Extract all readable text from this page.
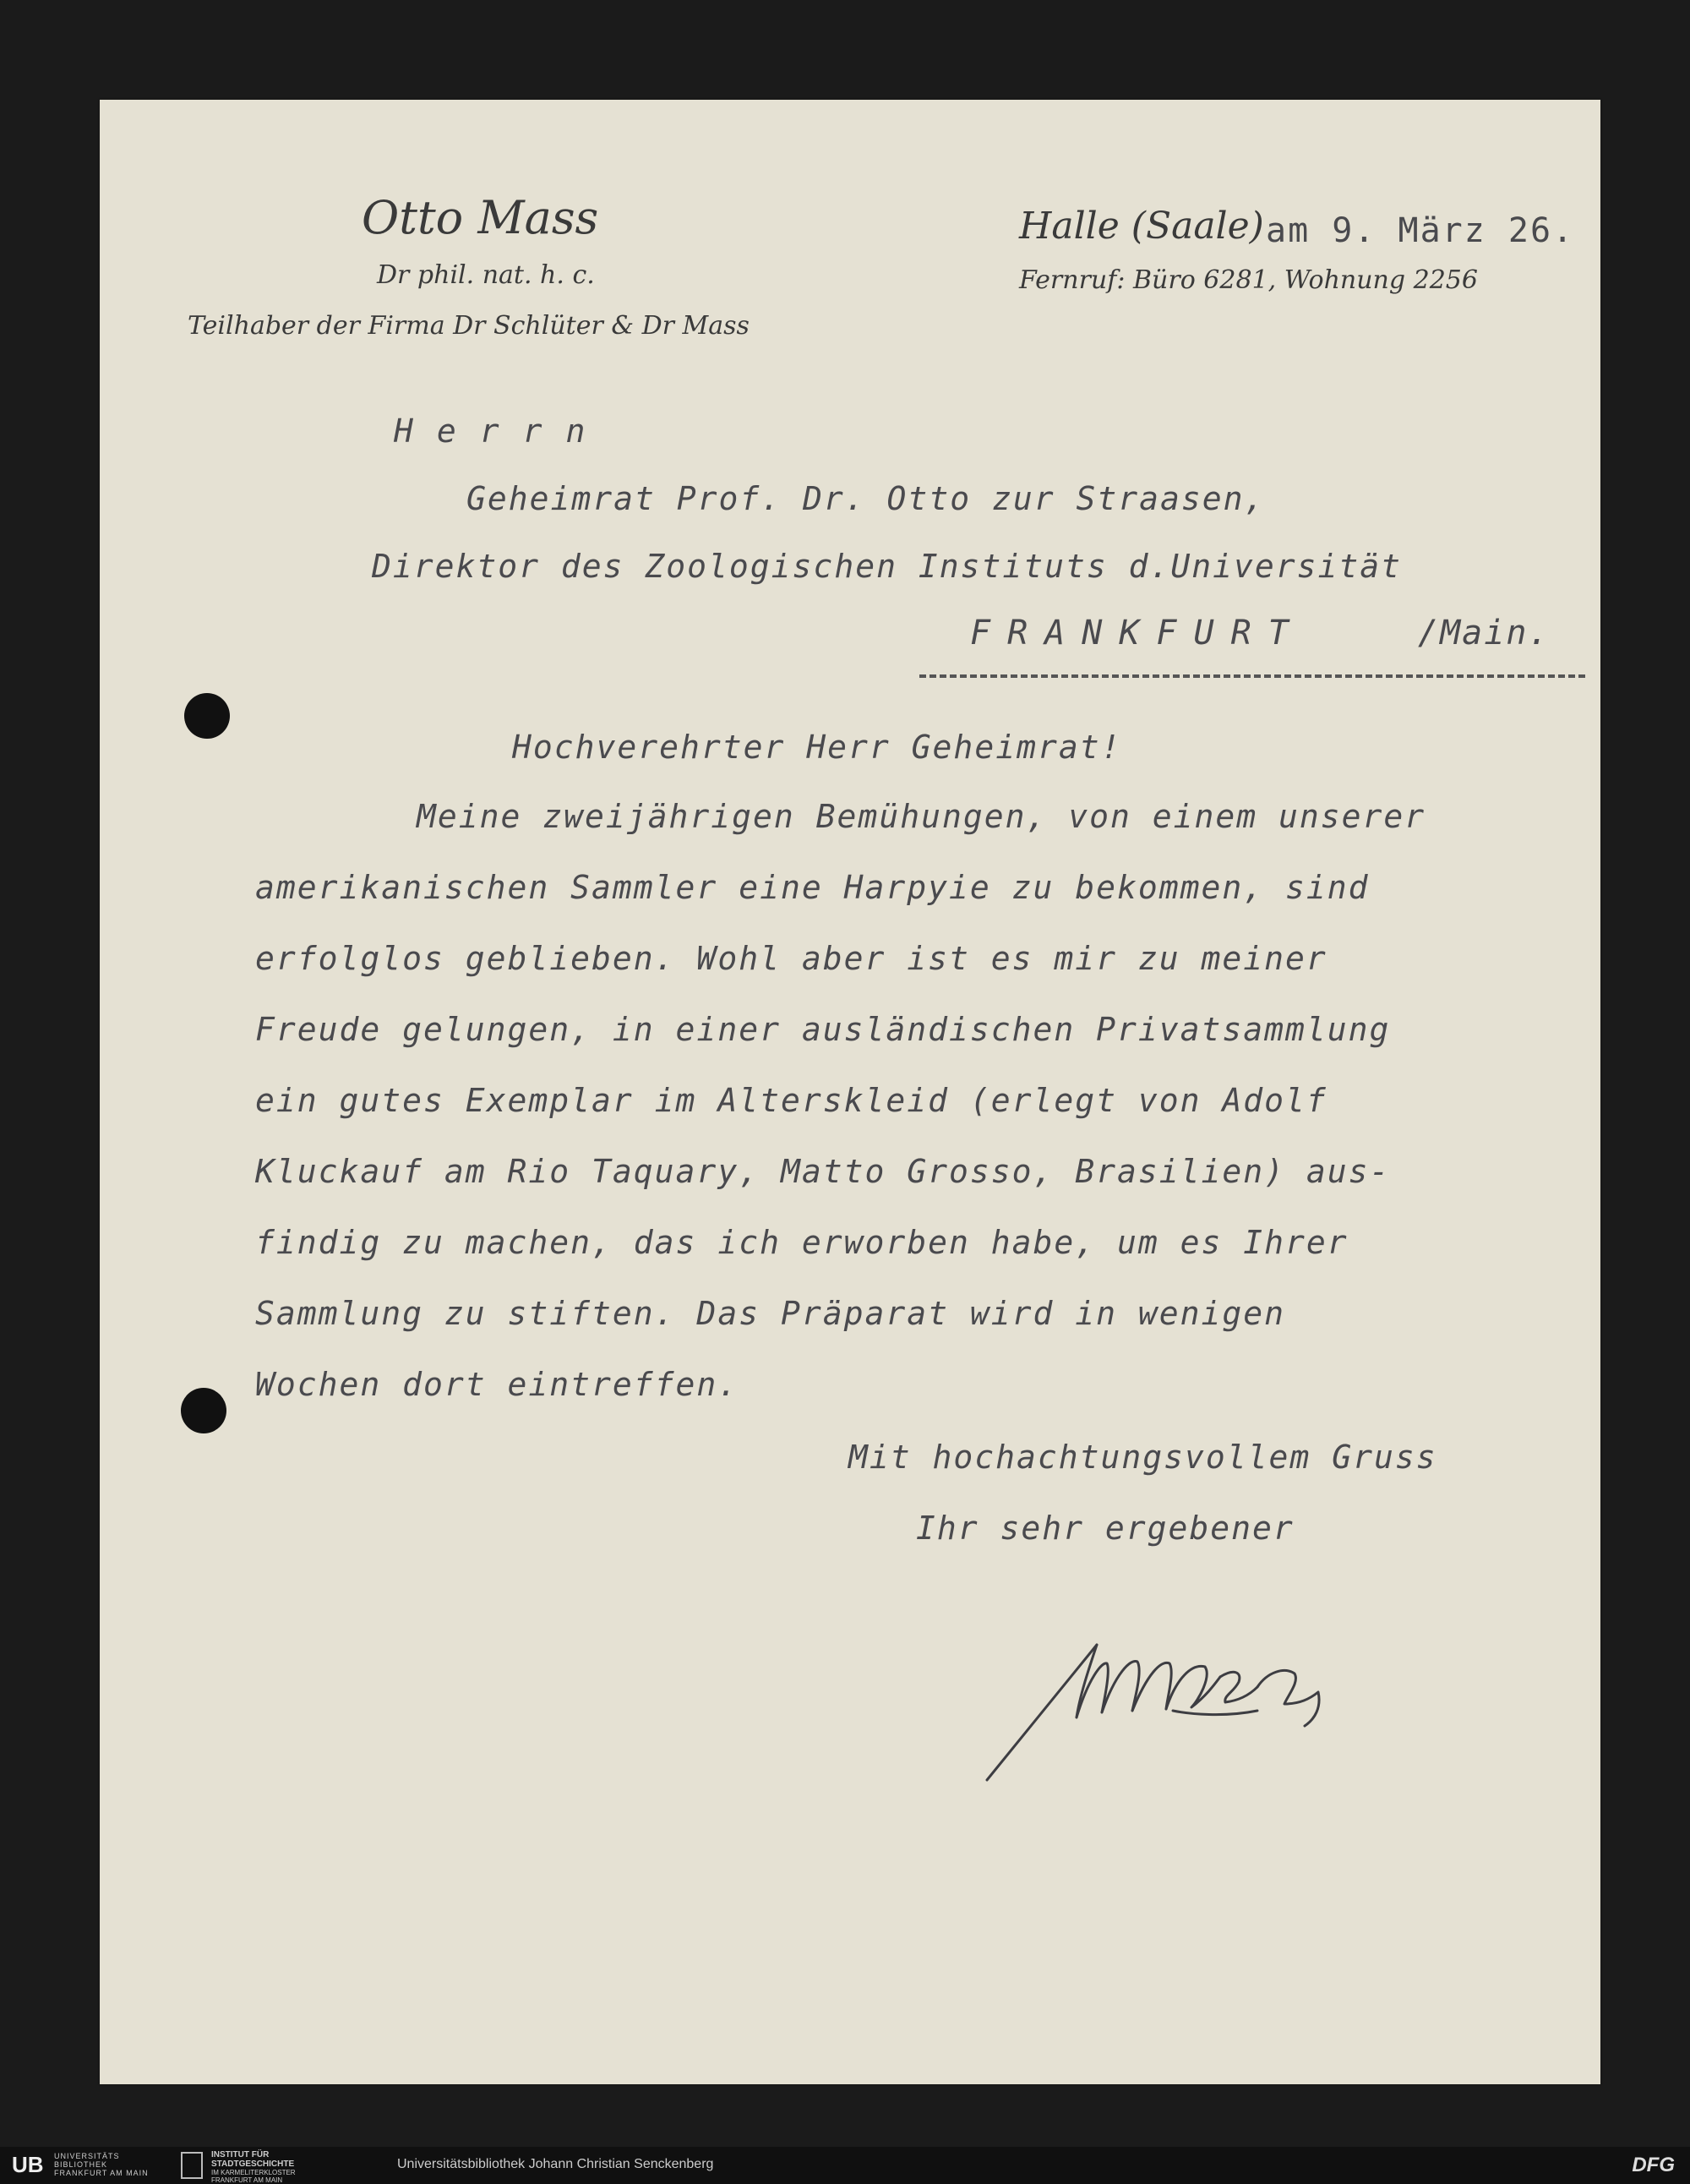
Otto Mass
Dr phil. nat. h. c.
Teilhaber der Firma Dr Schlüter & Dr Mass
Halle (Saale) am 9. März 26.
Fernruf: Büro 6281, Wohnung 2256
Herrn
Geheimrat Prof. Dr. Otto zur Straasen,
Direktor des Zoologischen Instituts d.Universität
FRANKFURT	/Main.
Hochverehrter Herr Geheimrat!
Meine zweijährigen Bemühungen, von einem unserer
amerikanischen Sammler eine Harpyie zu bekommen, sind
erfolglos geblieben. Wohl aber ist es mir zu meiner
Freude gelungen, in einer ausländischen Privatsammlung
ein gutes Exemplar im Alterskleid (erlegt von Adolf
Kluckauf am Rio Taquary, Matto Grosso, Brasilien) aus-
findig zu machen, das ich erworben habe, um es Ihrer
Sammlung zu stiften. Das Präparat wird in wenigen
Wochen dort eintreffen.
Mit hochachtungsvollem Gruss
Ihr sehr ergebener
UB UNIVERSITÄTS
BIBLIOTHEK
FRANKFURT AM MAIN
INSTITUT FÜR
STADTGESCHICHTE
IM KARMELITERKLOSTER
FRANKFURT AM MAIN
Universitätsbibliothek Johann Christian Senckenberg	DFG
